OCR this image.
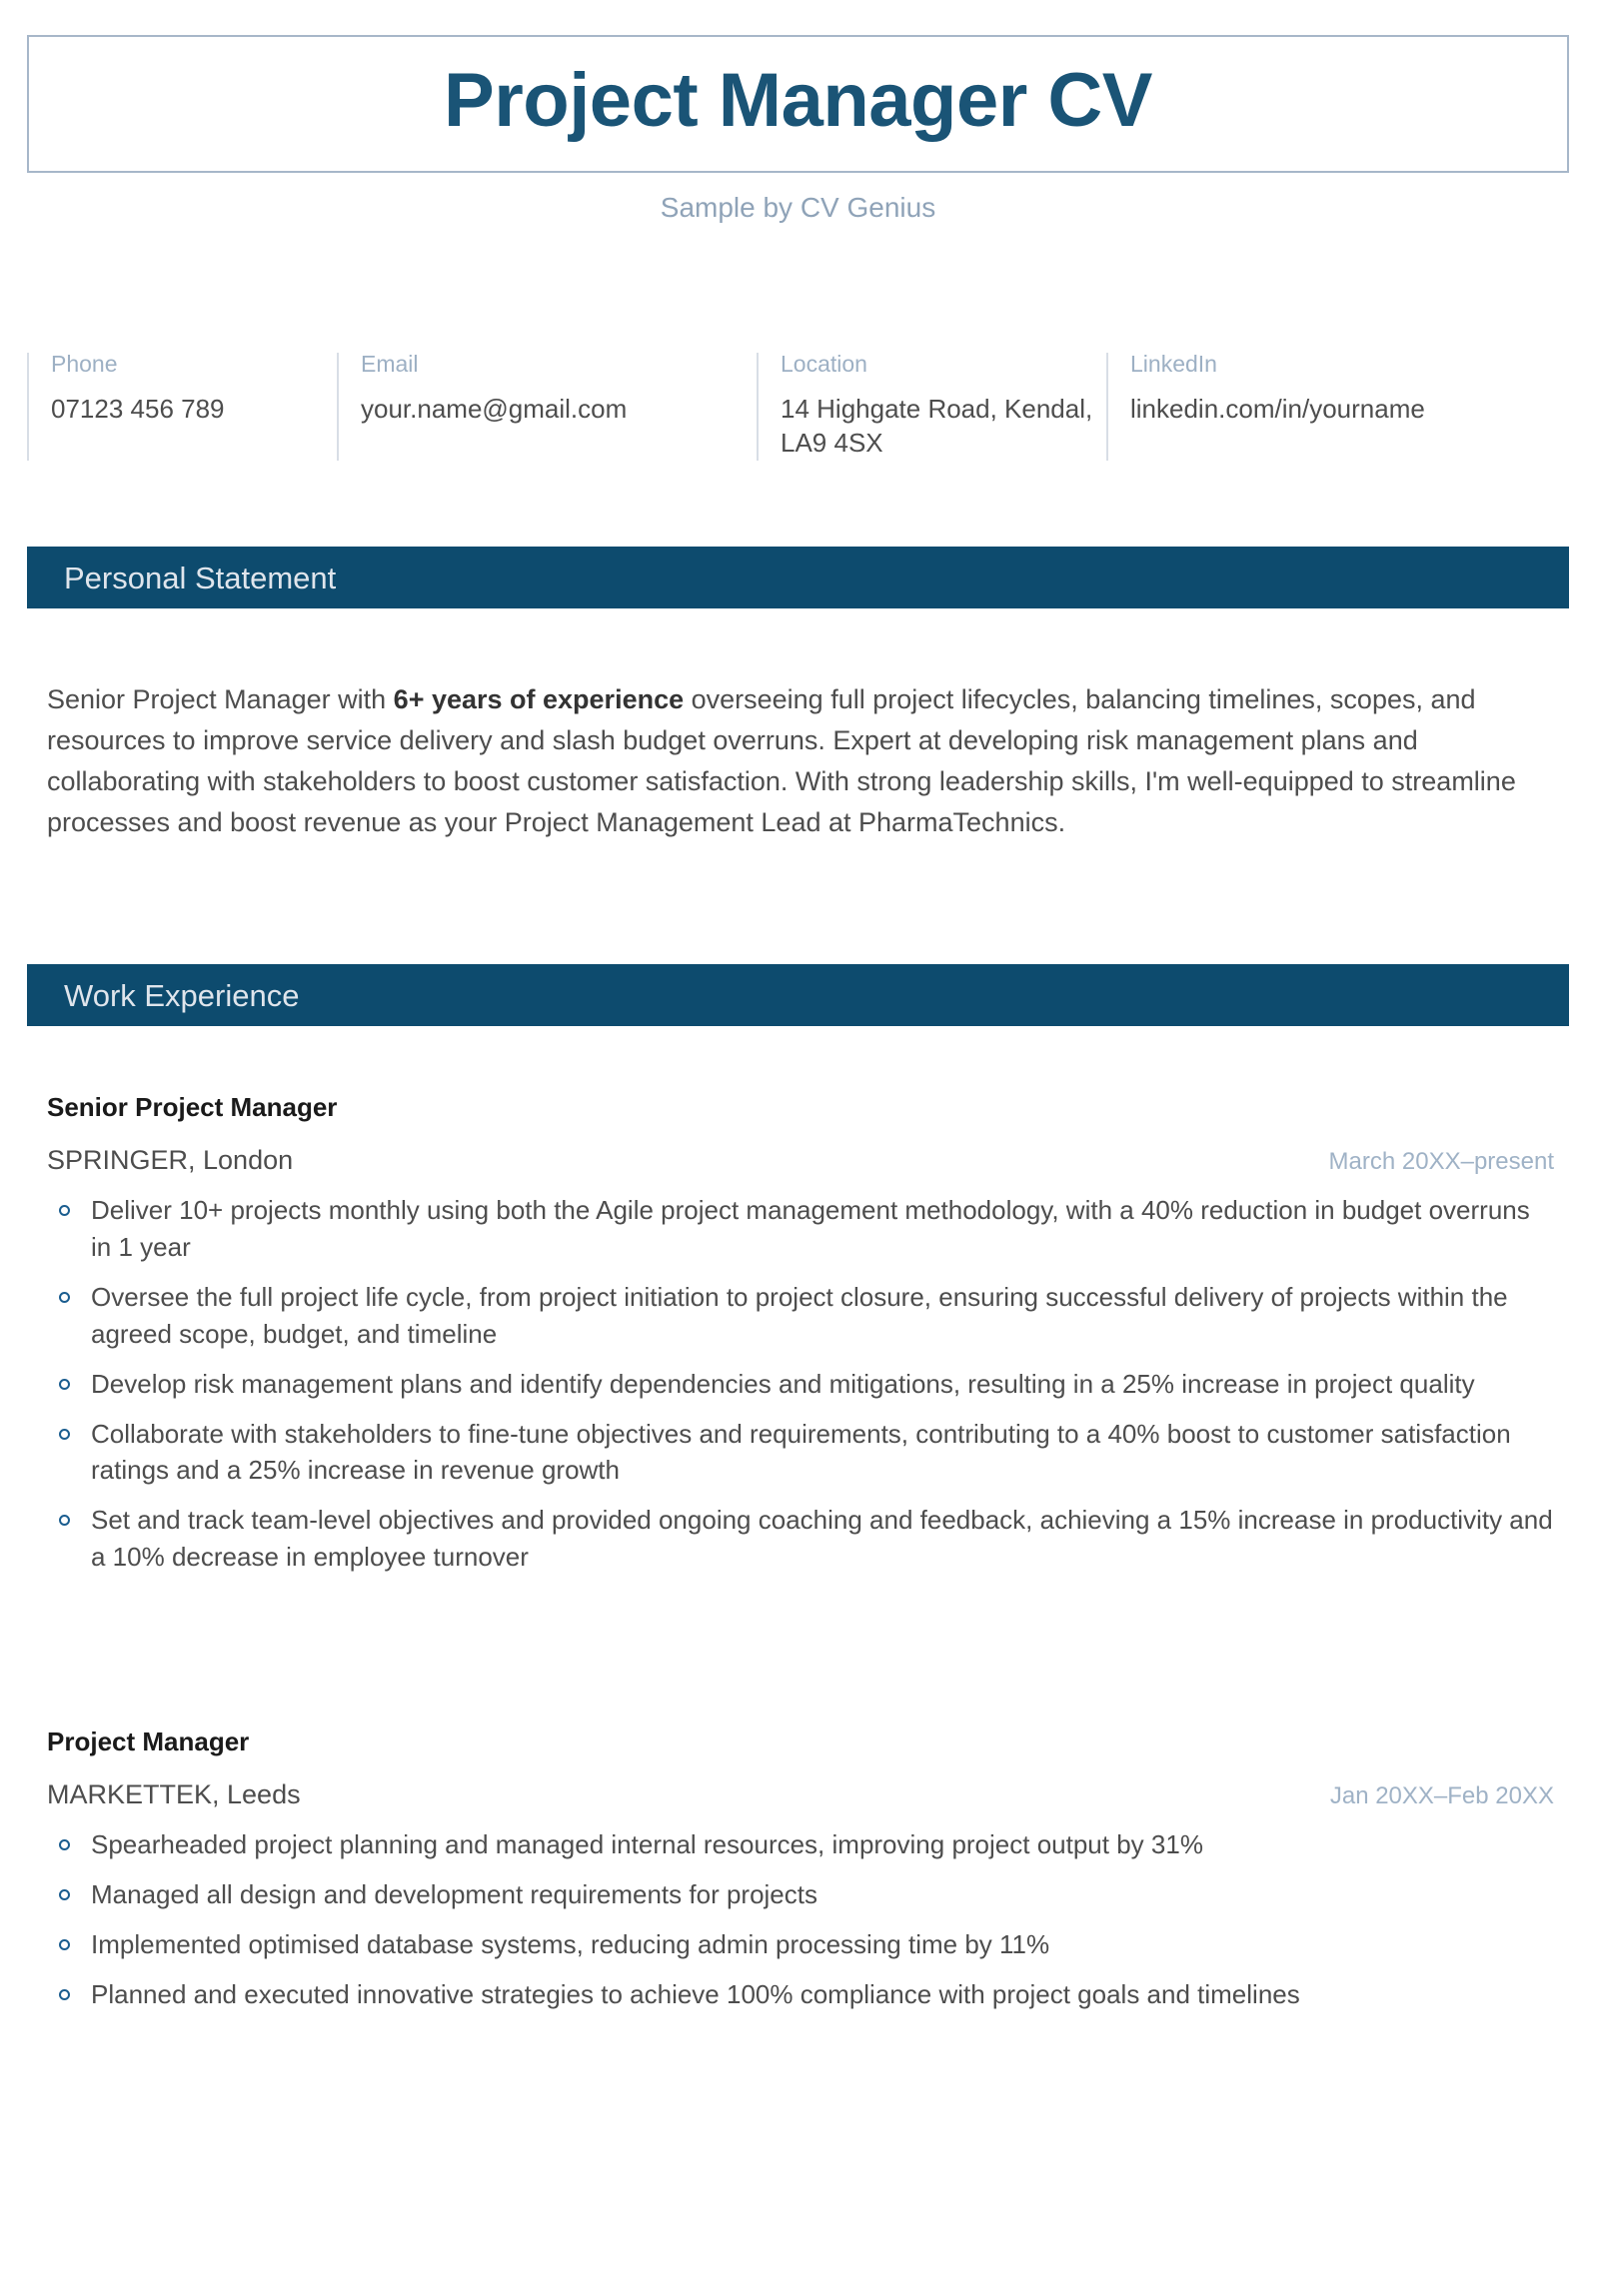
Project Manager CV
Sample by CV Genius
Phone
07123 456 789
Email
your.name@gmail.com
Location
14 Highgate Road, Kendal, LA9 4SX
LinkedIn
linkedin.com/in/yourname
Personal Statement
Senior Project Manager with 6+ years of experience overseeing full project lifecycles, balancing timelines, scopes, and resources to improve service delivery and slash budget overruns. Expert at developing risk management plans and collaborating with stakeholders to boost customer satisfaction. With strong leadership skills, I'm well-equipped to streamline processes and boost revenue as your Project Management Lead at PharmaTechnics.
Work Experience
Senior Project Manager
SPRINGER, London	March 20XX–present
Deliver 10+ projects monthly using both the Agile project management methodology, with a 40% reduction in budget overruns in 1 year
Oversee the full project life cycle, from project initiation to project closure, ensuring successful delivery of projects within the agreed scope, budget, and timeline
Develop risk management plans and identify dependencies and mitigations, resulting in a 25% increase in project quality
Collaborate with stakeholders to fine-tune objectives and requirements, contributing to a 40% boost to customer satisfaction ratings and a 25% increase in revenue growth
Set and track team-level objectives and provided ongoing coaching and feedback, achieving a 15% increase in productivity and a 10% decrease in employee turnover
Project Manager
MARKETTEK, Leeds	Jan 20XX–Feb 20XX
Spearheaded project planning and managed internal resources, improving project output by 31%
Managed all design and development requirements for projects
Implemented optimised database systems, reducing admin processing time by 11%
Planned and executed innovative strategies to achieve 100% compliance with project goals and timelines
